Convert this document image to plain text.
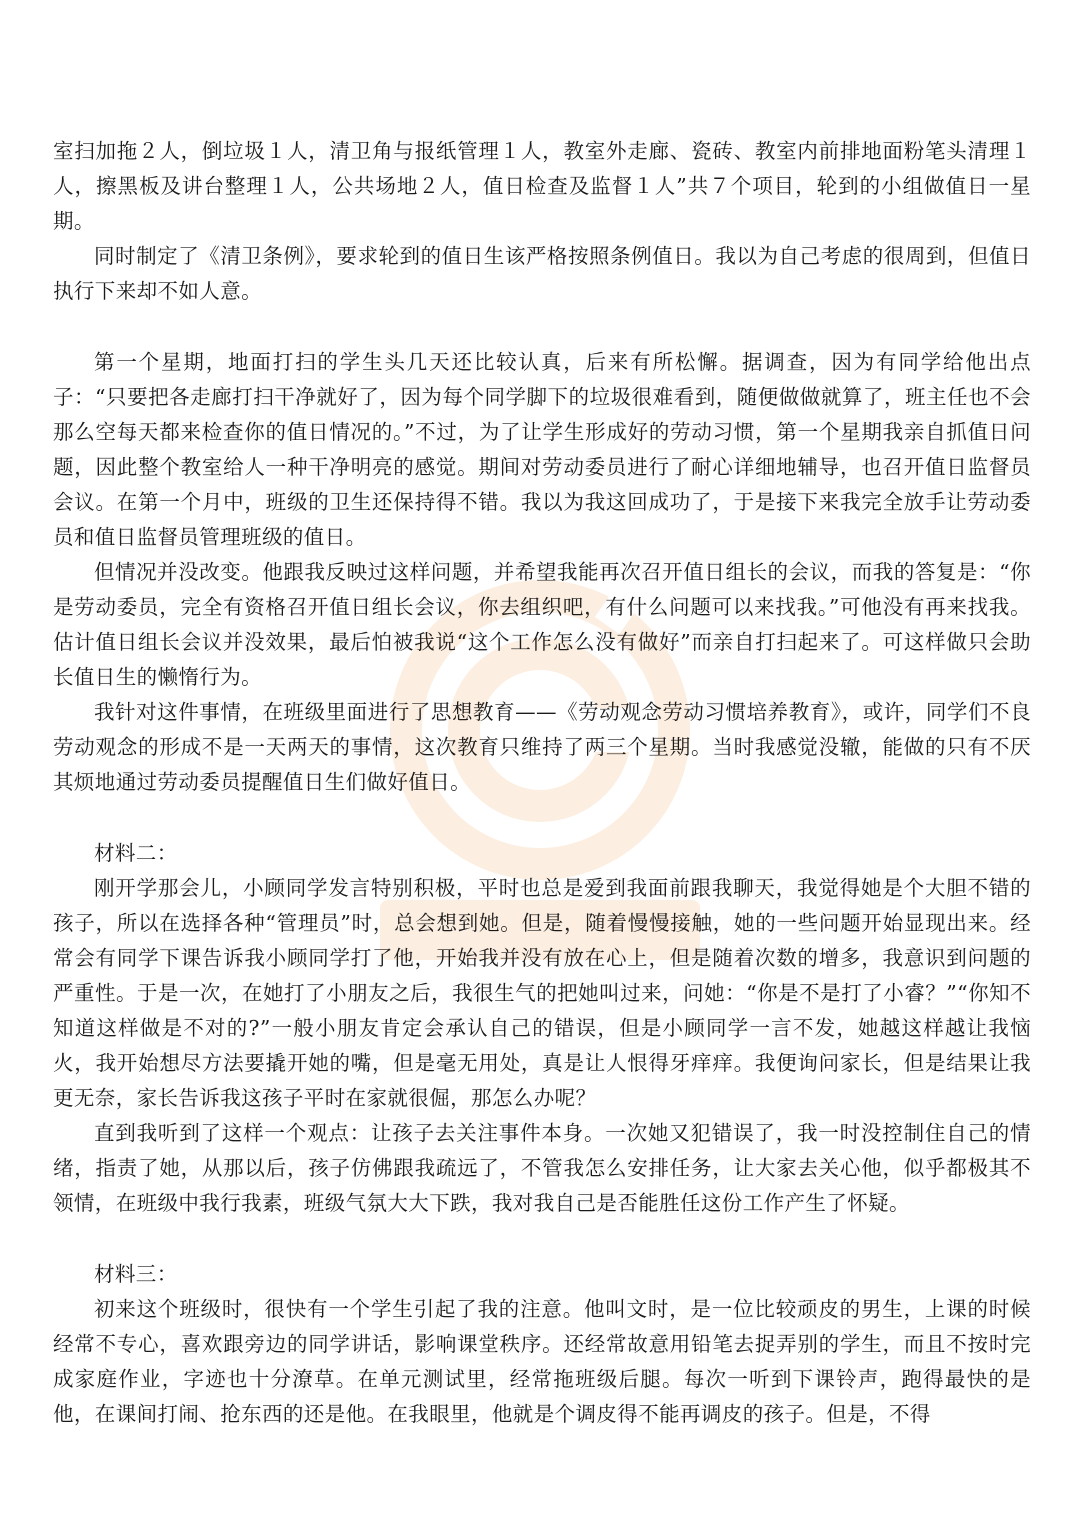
室扫加拖２人，倒垃圾１人，清卫角与报纸管理１人，教室外走廊、瓷砖、教室内前排地面粉笔头清理１人，擦黑板及讲台整理１人，公共场地２人，值日检查及监督１人”共７个项目，轮到的小组做值日一星期。

同时制定了《清卫条例》，要求轮到的值日生该严格按照条例值日。我以为自己考虑的很周到，但值日执行下来却不如人意。

第一个星期，地面打扫的学生头几天还比较认真，后来有所松懈。据调查，因为有同学给他出点子：“只要把各走廊打扫干净就好了，因为每个同学脚下的垃圾很难看到，随便做做就算了，班主任也不会那么空每天都来检查你的值日情况的。”不过，为了让学生形成好的劳动习惯，第一个星期我亲自抓值日问题，因此整个教室给人一种干净明亮的感觉。期间对劳动委员进行了耐心详细地辅导，也召开值日监督员会议。在第一个月中，班级的卫生还保持得不错。我以为我这回成功了，于是接下来我完全放手让劳动委员和值日监督员管理班级的值日。

但情况并没改变。他跟我反映过这样问题，并希望我能再次召开值日组长的会议，而我的答复是：“你是劳动委员，完全有资格召开值日组长会议，你去组织吧，有什么问题可以来找我。”可他没有再来找我。估计值日组长会议并没效果，最后怕被我说“这个工作怎么没有做好”而亲自打扫起来了。可这样做只会助长值日生的懒惰行为。

我针对这件事情，在班级里面进行了思想教育——《劳动观念劳动习惯培养教育》，或许，同学们不良劳动观念的形成不是一天两天的事情，这次教育只维持了两三个星期。当时我感觉没辙，能做的只有不厌其烦地通过劳动委员提醒值日生们做好值日。

材料二：

刚开学那会儿，小顾同学发言特别积极，平时也总是爱到我面前跟我聊天，我觉得她是个大胆不错的孩子，所以在选择各种“管理员”时，总会想到她。但是，随着慢慢接触，她的一些问题开始显现出来。经常会有同学下课告诉我小顾同学打了他，开始我并没有放在心上，但是随着次数的增多，我意识到问题的严重性。于是一次，在她打了小朋友之后，我很生气的把她叫过来，问她：“你是不是打了小睿？”“你知不知道这样做是不对的?”一般小朋友肯定会承认自己的错误，但是小顾同学一言不发，她越这样越让我恼火，我开始想尽方法要撬开她的嘴，但是毫无用处，真是让人恨得牙痒痒。我便询问家长，但是结果让我更无奈，家长告诉我这孩子平时在家就很倔，那怎么办呢？

直到我听到了这样一个观点：让孩子去关注事件本身。一次她又犯错误了，我一时没控制住自己的情绪，指责了她，从那以后，孩子仿佛跟我疏远了，不管我怎么安排任务，让大家去关心他，似乎都极其不领情，在班级中我行我素，班级气氛大大下跌，我对我自己是否能胜任这份工作产生了怀疑。

材料三：

初来这个班级时，很快有一个学生引起了我的注意。他叫文时，是一位比较顽皮的男生，上课的时候经常不专心，喜欢跟旁边的同学讲话，影响课堂秩序。还经常故意用铅笔去捉弄别的学生，而且不按时完成家庭作业，字迹也十分潦草。在单元测试里，经常拖班级后腿。每次一听到下课铃声，跑得最快的是他，在课间打闹、抢东西的还是他。在我眼里，他就是个调皮得不能再调皮的孩子。但是，不得
